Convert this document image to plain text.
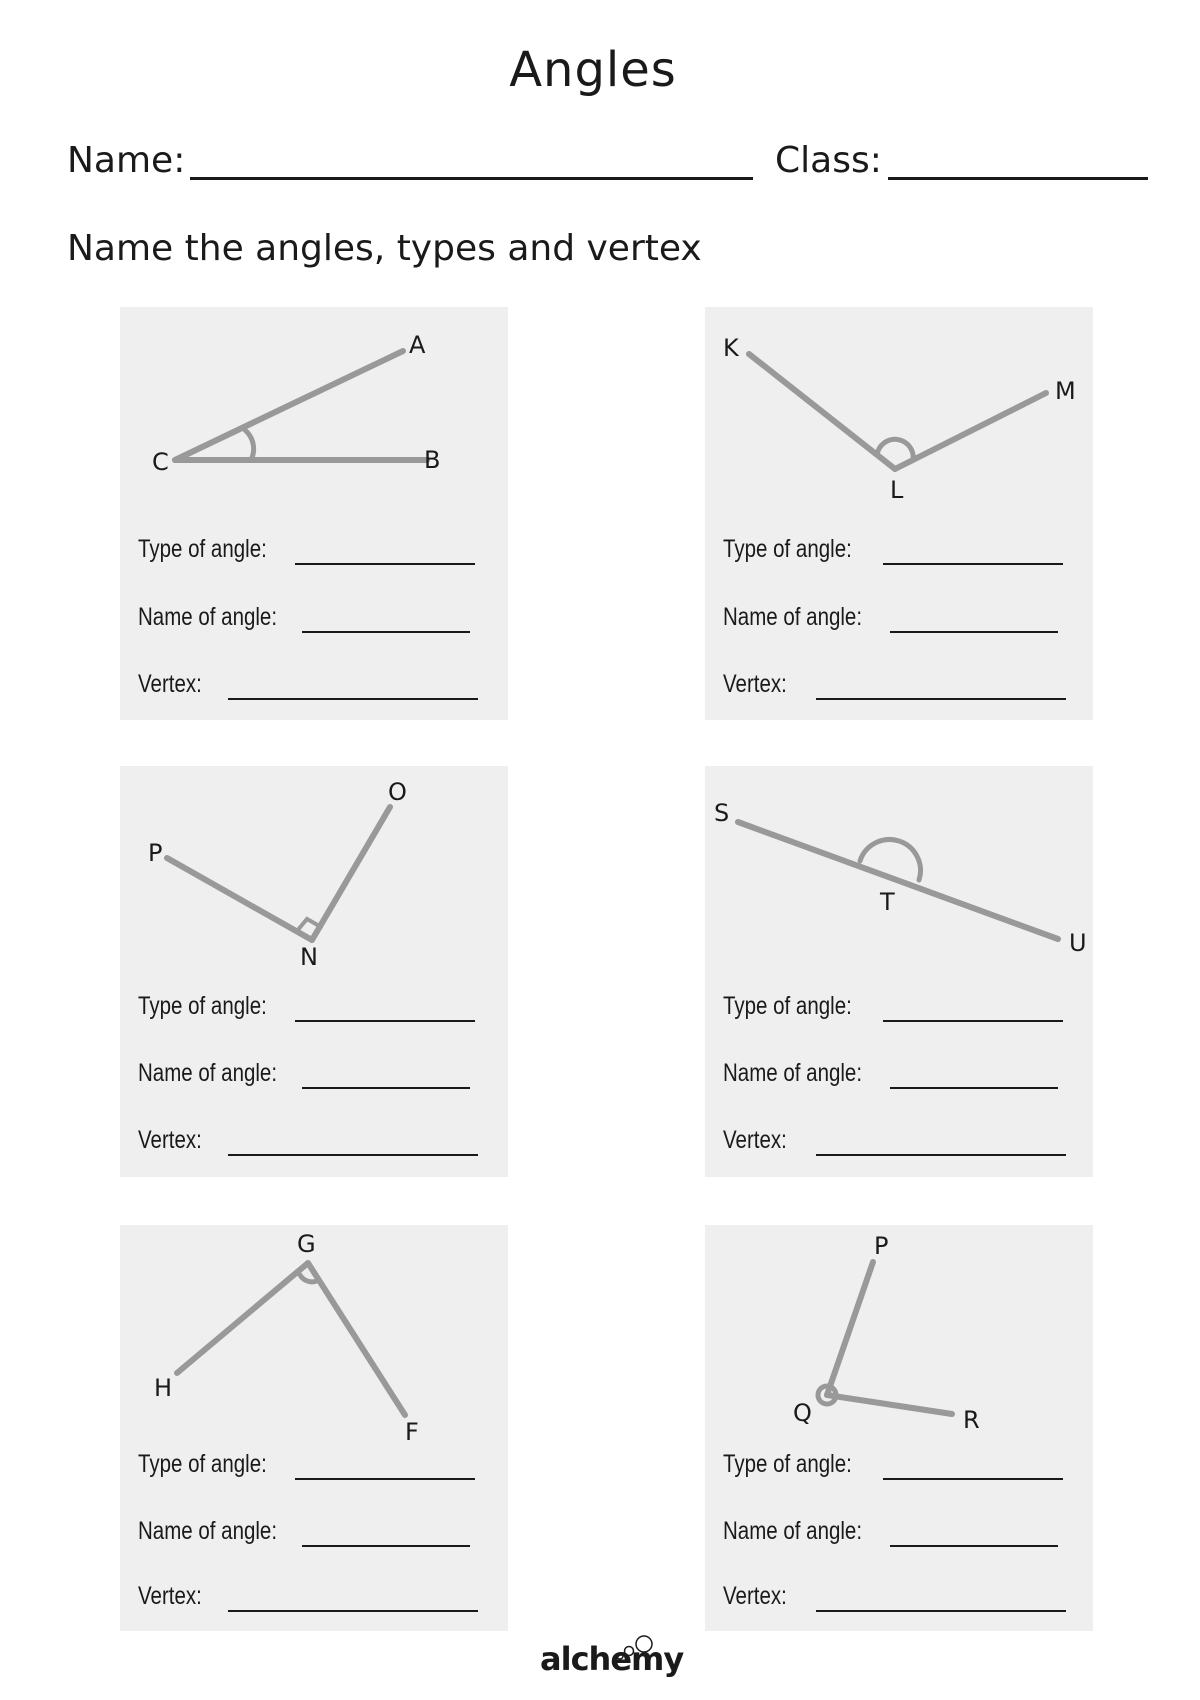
Angles
Name:	Class:
Name the angles, types and vertex
A
C	B
Type of angle:
Name of angle:
Vertex:
K
M
L
Type of angle:
Name of angle:
Vertex:
O
P
N
Type of angle:
Name of angle:
Vertex:
S
T
U
Type of angle:
Name of angle:
Vertex:
G
H
F
Type of angle:
Name of angle:
Vertex:
P
Q	R
Type of angle:
Name of angle:
Vertex:
alchemy
